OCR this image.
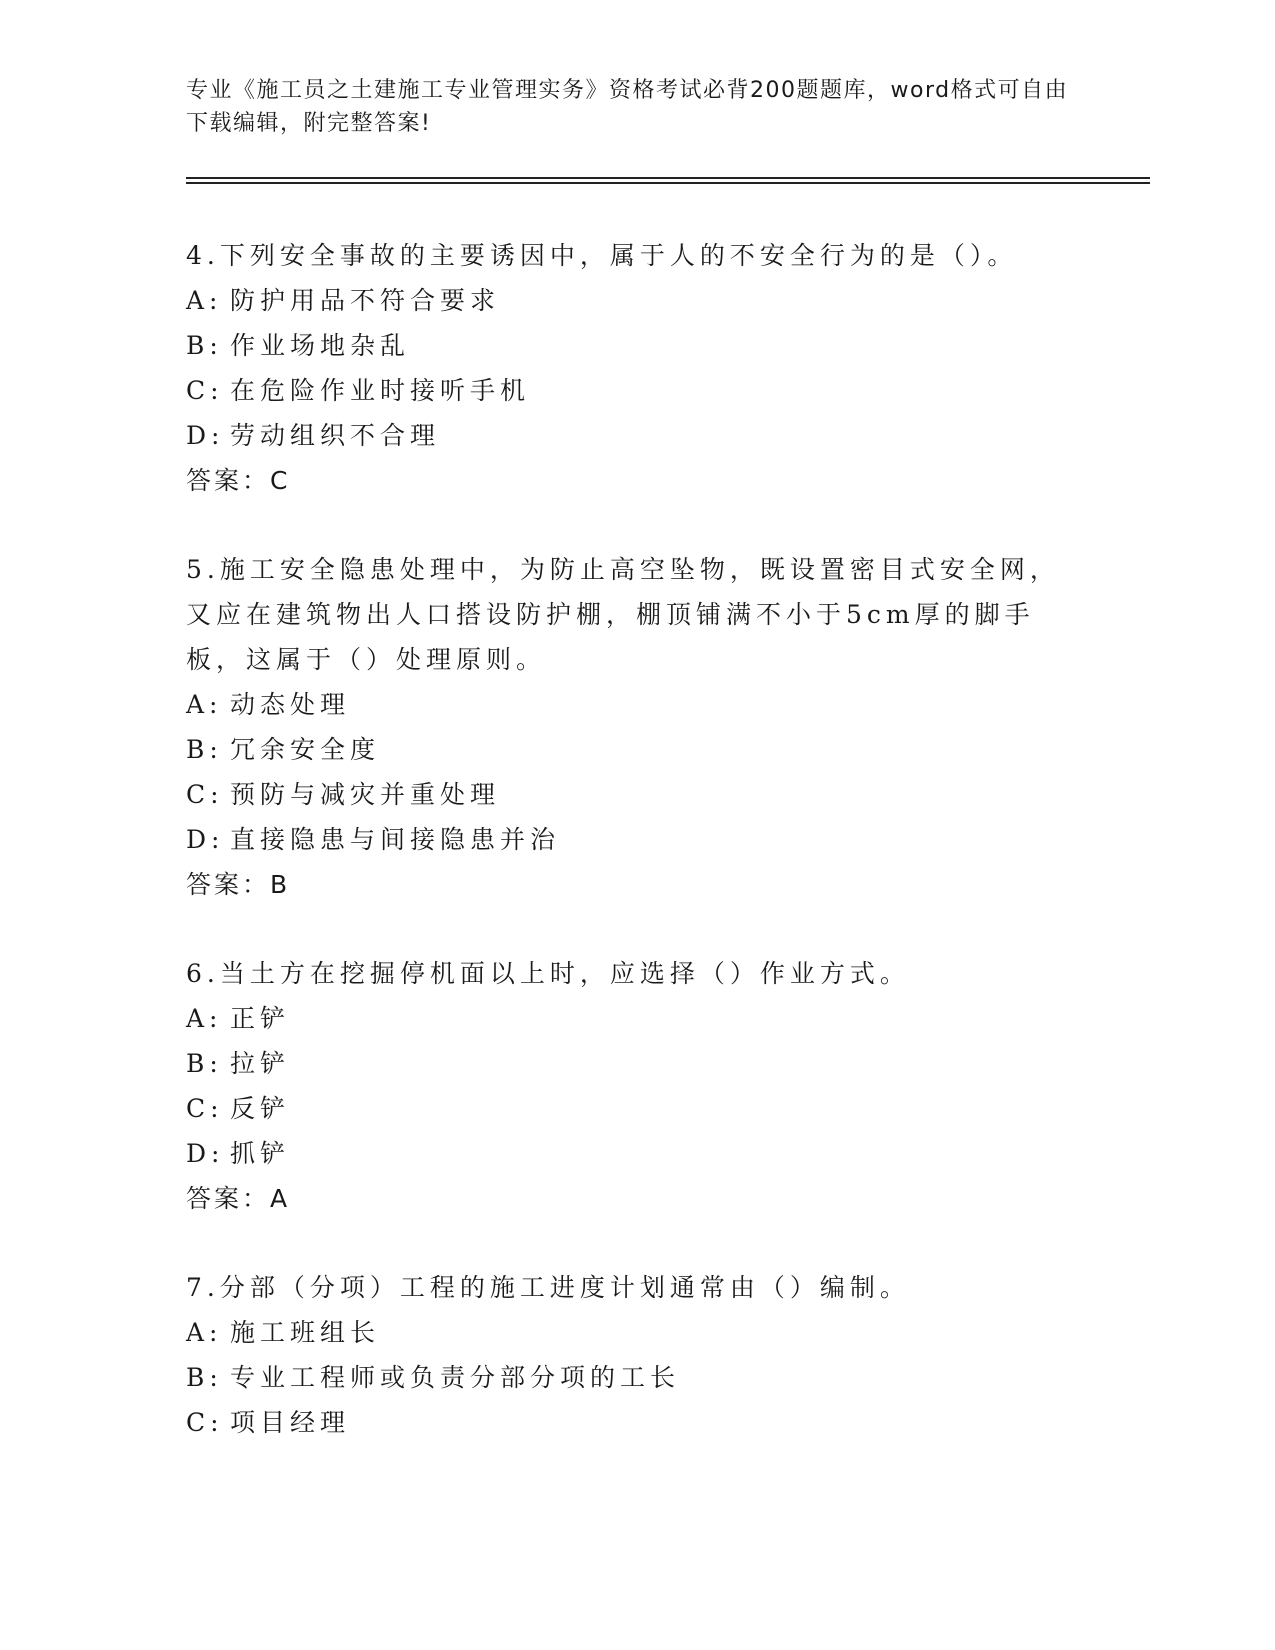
专业《施工员之土建施工专业管理实务》资格考试必背200题题库，word格式可自由下载编辑，附完整答案!

4.下列安全事故的主要诱因中，属于人的不安全行为的是（）。

A: 防护用品不符合要求
B: 作业场地杂乱
C: 在危险作业时接听手机
D: 劳动组织不合理
答案：C

5.施工安全隐患处理中，为防止高空坠物，既设置密目式安全网，又应在建筑物出人口搭设防护棚，棚顶铺满不小于5cm厚的脚手板，这属于（）处理原则。

A: 动态处理
B: 冗余安全度
C: 预防与减灾并重处理
D: 直接隐患与间接隐患并治
答案：B

6.当土方在挖掘停机面以上时，应选择（）作业方式。

A: 正铲
B: 拉铲
C: 反铲
D: 抓铲
答案：A

7.分部（分项）工程的施工进度计划通常由（）编制。

A: 施工班组长
B: 专业工程师或负责分部分项的工长
C: 项目经理
